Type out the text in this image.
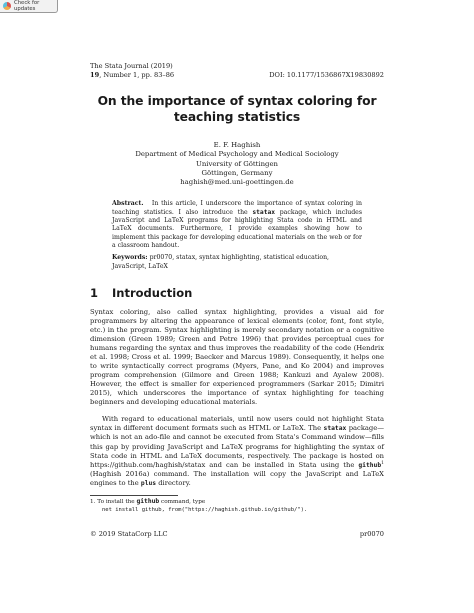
Check for updates
The Stata Journal (2019)
19, Number 1, pp. 83–86	DOI: 10.1177/1536867X19830892
On the importance of syntax coloring for
teaching statistics
E. F. Haghish
Department of Medical Psychology and Medical Sociology
University of Göttingen
Göttingen, Germany
haghish@med.uni-goettingen.de
Abstract. In this article, I underscore the importance of syntax coloring in teaching statistics. I also introduce the statax package, which includes JavaScript and LaTeX programs for highlighting Stata code in HTML and LaTeX documents. Furthermore, I provide examples showing how to implement this package for developing educational materials on the web or for a classroom handout.
Keywords: pr0070, statax, syntax highlighting, statistical education, JavaScript, LaTeX
1	Introduction
Syntax coloring, also called syntax highlighting, provides a visual aid for programmers by altering the appearance of lexical elements (color, font, font style, etc.) in the program. Syntax highlighting is merely secondary notation or a cognitive dimension (Green 1989; Green and Petre 1996) that provides perceptual cues for humans regarding the syntax and thus improves the readability of the code (Hendrix et al. 1998; Cross et al. 1999; Baecker and Marcus 1989). Consequently, it helps one to write syntactically correct programs (Myers, Pane, and Ko 2004) and improves program comprehension (Gilmore and Green 1988; Kankuzi and Ayalew 2008). However, the effect is smaller for experienced programmers (Sarkar 2015; Dimitri 2015), which underscores the importance of syntax highlighting for teaching beginners and developing educational materials.
With regard to educational materials, until now users could not highlight Stata syntax in different document formats such as HTML or LaTeX. The statax package—which is not an ado-file and cannot be executed from Stata's Command window—fills this gap by providing JavaScript and LaTeX programs for highlighting the syntax of Stata code in HTML and LaTeX documents, respectively. The package is hosted on https://github.com/haghish/statax and can be installed in Stata using the github$^1$ (Haghish 2016a) command. The installation will copy the JavaScript and LaTeX engines to the plus directory.
1. To install the github command, type
net install github, from("https://haghish.github.io/github/").
© 2019 StataCorp LLC	pr0070
